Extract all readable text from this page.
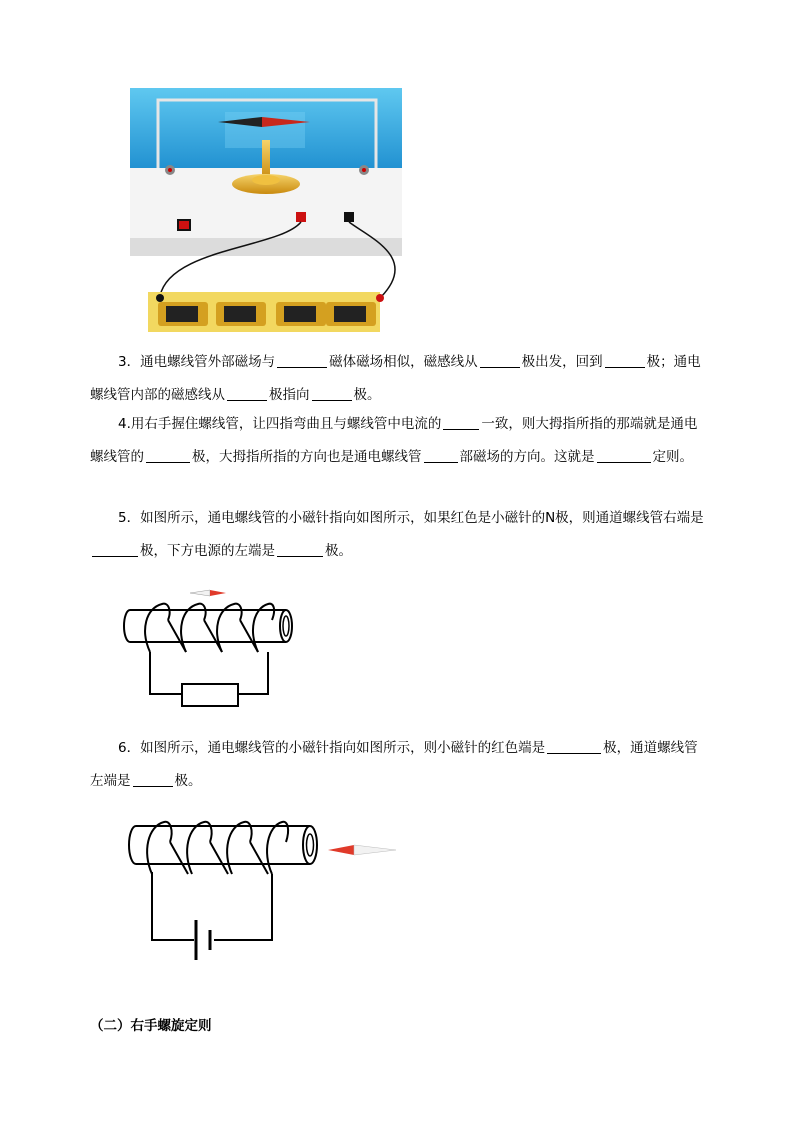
3．通电螺线管外部磁场与	磁体磁场相似，磁感线从	极出发，回到	极；通电螺线管内部的磁感线从	极指向	极。
4.用右手握住螺线管，让四指弯曲且与螺线管中电流的	一致，则大拇指所指的那端就是通电螺线管的	极，大拇指所指的方向也是通电螺线管	部磁场的方向。这就是	定则。
5．如图所示，通电螺线管的小磁针指向如图所示，如果红色是小磁针的N极，则通道螺线管右端是极，下方电源的左端是	极。
6．如图所示，通电螺线管的小磁针指向如图所示，则小磁针的红色端是	极，通道螺线管左端是	极。
（二）右手螺旋定则
